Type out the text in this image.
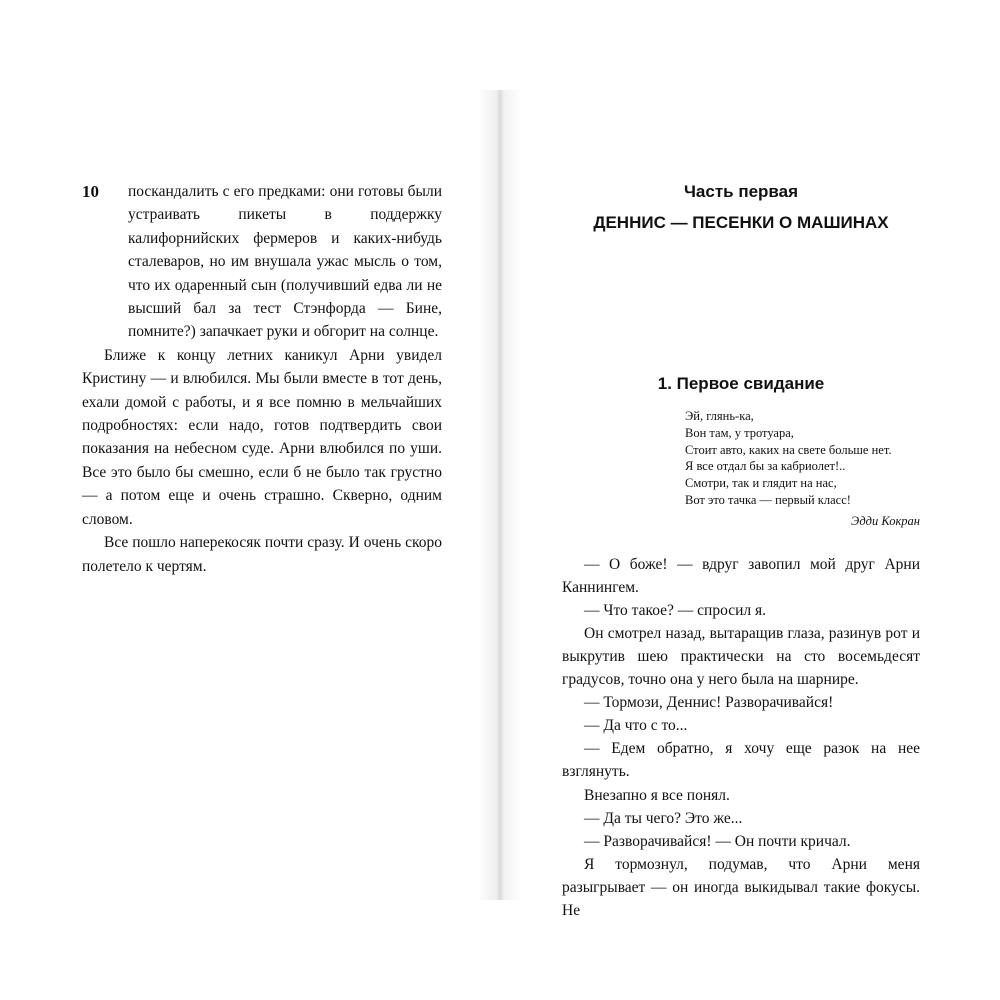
10	поскандалить с его предками: они готовы были устраивать пикеты в поддержку калифорнийских фермеров и каких-нибудь сталеваров, но им внушала ужас мысль о том, что их одаренный сын (получивший едва ли не высший бал за тест Стэнфорда — Бине, помните?) запачкает руки и обгорит на солнце.

Ближе к концу летних каникул Арни увидел Кристину — и влюбился. Мы были вместе в тот день, ехали домой с работы, и я все помню в мельчайших подробностях: если надо, готов подтвердить свои показания на небесном суде. Арни влюбился по уши. Все это было бы смешно, если б не было так грустно — а потом еще и очень страшно. Скверно, одним словом.

Все пошло наперекосяк почти сразу. И очень скоро полетело к чертям.

Часть первая
ДЕННИС — ПЕСЕНКИ О МАШИНАХ
1. Первое свидание
Эй, глянь-ка,
Вон там, у тротуара,
Стоит авто, каких на свете больше нет.
Я все отдал бы за кабриолет!..
Смотри, так и глядит на нас,
Вот это тачка — первый класс!
Эдди Кокран

— О боже! — вдруг завопил мой друг Арни Каннингем.

— Что такое? — спросил я.

Он смотрел назад, вытаращив глаза, разинув рот и выкрутив шею практически на сто восемьдесят градусов, точно она у него была на шарнире.

— Тормози, Деннис! Разворачивайся!

— Да что с то...

— Едем обратно, я хочу еще разок на нее взглянуть.

Внезапно я все понял.

— Да ты чего? Это же...

— Разворачивайся! — Он почти кричал.

Я тормознул, подумав, что Арни меня разыгрывает — он иногда выкидывал такие фокусы. Не
